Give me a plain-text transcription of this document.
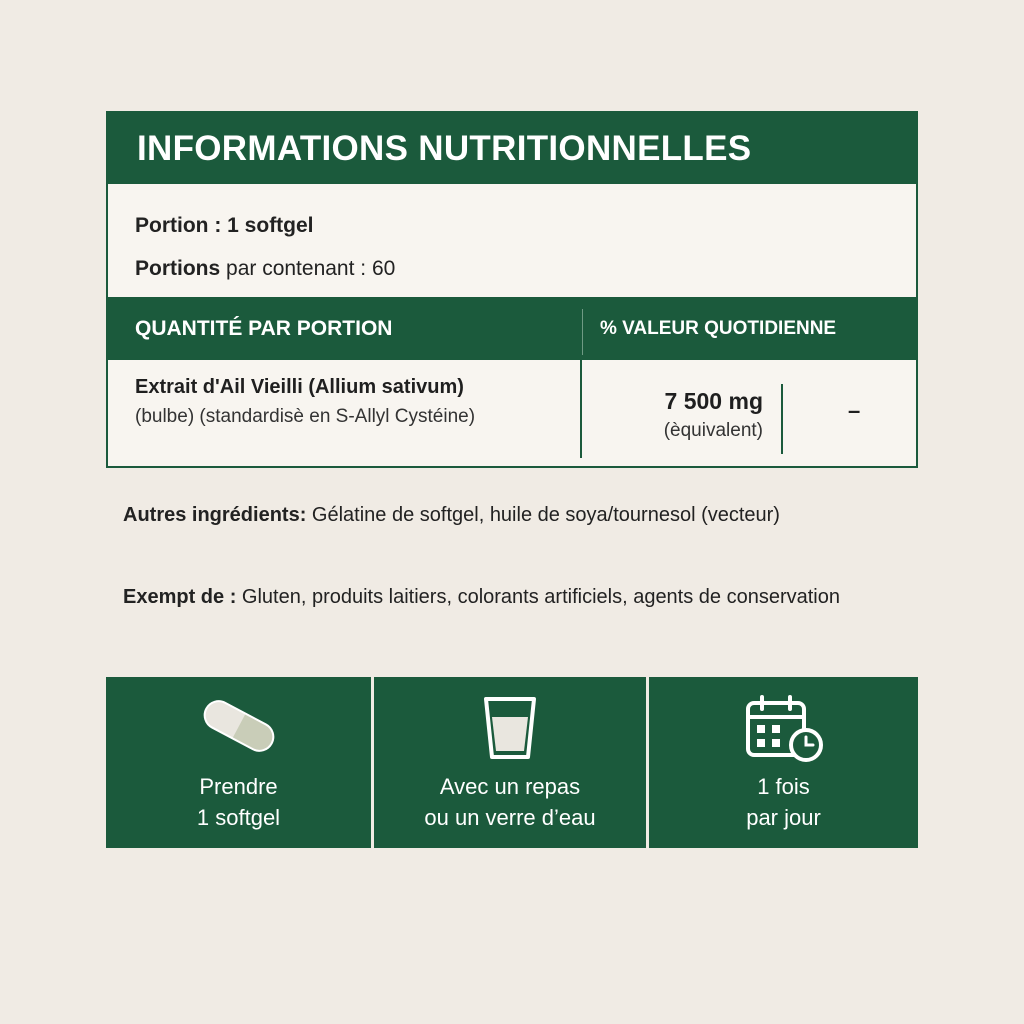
INFORMATIONS NUTRITIONNELLES
Portion : 1 softgel
Portions par contenant : 60
QUANTITÉ PAR PORTION	% VALEUR QUOTIDIENNE
Extrait d'Ail Vieilli (Allium sativum)
(bulbe) (standardisè en S-Allyl Cystéine)
7 500 mg
(èquivalent)
–
Autres ingrédients: Gélatine de softgel, huile de soya/tournesol (vecteur)
Exempt de : Gluten, produits laitiers, colorants artificiels, agents de conservation
Prendre
1 softgel
Avec un repas
ou un verre d’eau
1 fois
par jour
